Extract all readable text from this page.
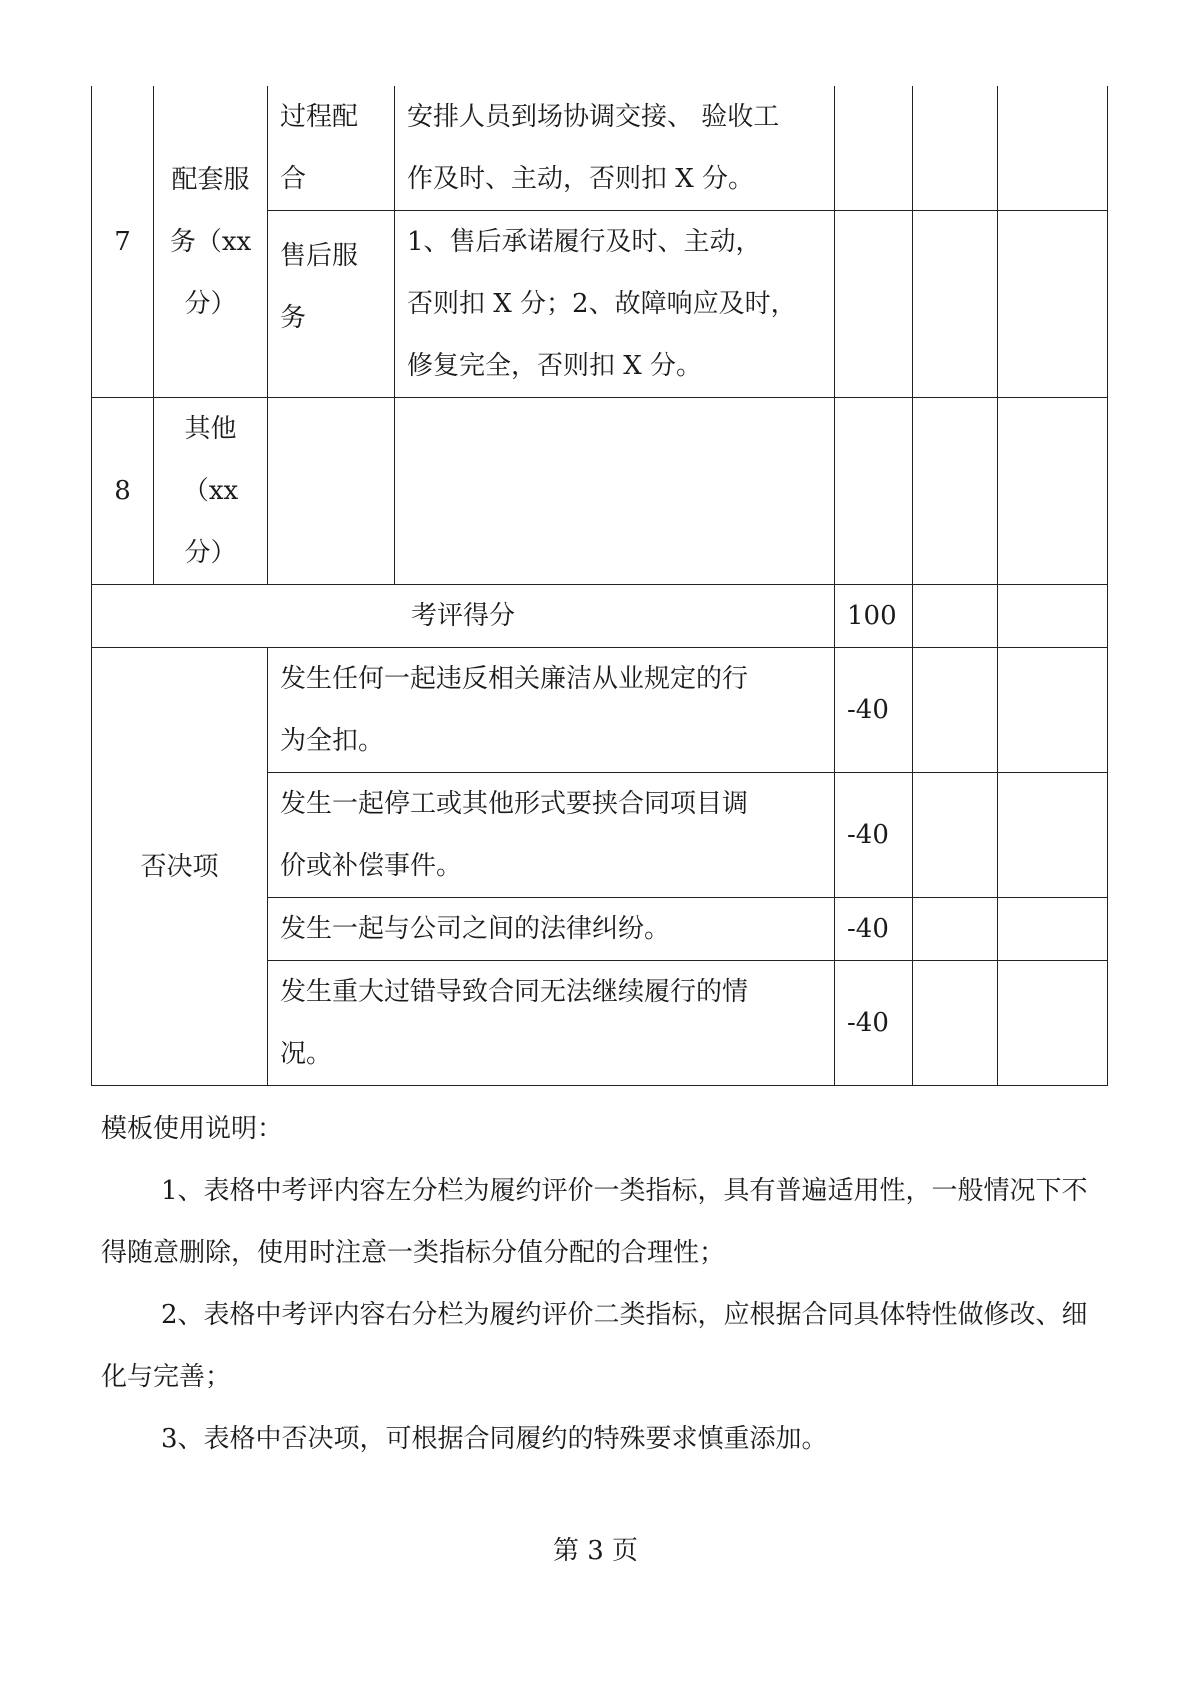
7	配套服
务（xx
分）	过程配
合	安排人员到场协调交接、 验收工
作及时、主动，否则扣 X 分。			

		售后服
务	1、售后承诺履行及时、主动，
否则扣 X 分；2、故障响应及时，
修复完全，否则扣 X 分。			

8	其他
（xx
分）					

考评得分				100		
否决项		发生任何一起违反相关廉洁从业规定的行
为全扣。		-40		

		发生一起停工或其他形式要挟合同项目调
价或补偿事件。		-40		

		发生一起与公司之间的法律纠纷。		-40		

		发生重大过错导致合同无法继续履行的情
况。		-40		
模板使用说明：

1、表格中考评内容左分栏为履约评价一类指标，具有普遍适用性，一般情况下不得随意删除，使用时注意一类指标分值分配的合理性；

2、表格中考评内容右分栏为履约评价二类指标，应根据合同具体特性做修改、细化与完善；

3、表格中否决项，可根据合同履约的特殊要求慎重添加。

第 3 页
